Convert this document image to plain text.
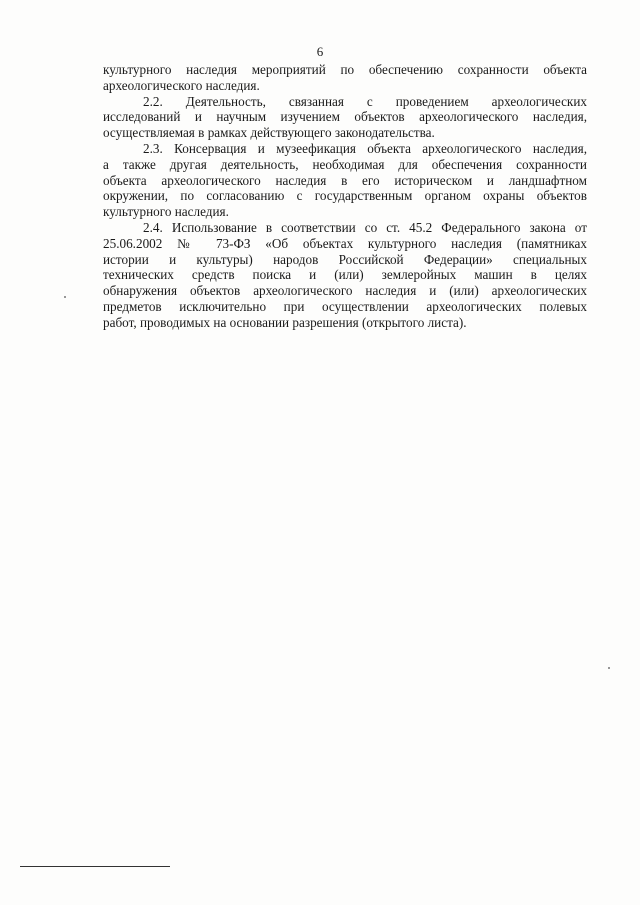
6

культурного наследия мероприятий по обеспечению сохранности объекта
археологического наследия.

2.2. Деятельность, связанная с проведением археологических
исследований и научным изучением объектов археологического наследия,
осуществляемая в рамках действующего законодательства.

2.3. Консервация и музеефикация объекта археологического наследия,
а также другая деятельность, необходимая для обеспечения сохранности
объекта археологического наследия в его историческом и ландшафтном
окружении, по согласованию с государственным органом охраны объектов
культурного наследия.

2.4. Использование в соответствии со ст. 45.2 Федерального закона от
25.06.2002 № 73-ФЗ «Об объектах культурного наследия (памятниках
истории и культуры) народов Российской Федерации» специальных
технических средств поиска и (или) землеройных машин в целях
обнаружения объектов археологического наследия и (или) археологических
предметов исключительно при осуществлении археологических полевых
работ, проводимых на основании разрешения (открытого листа).
